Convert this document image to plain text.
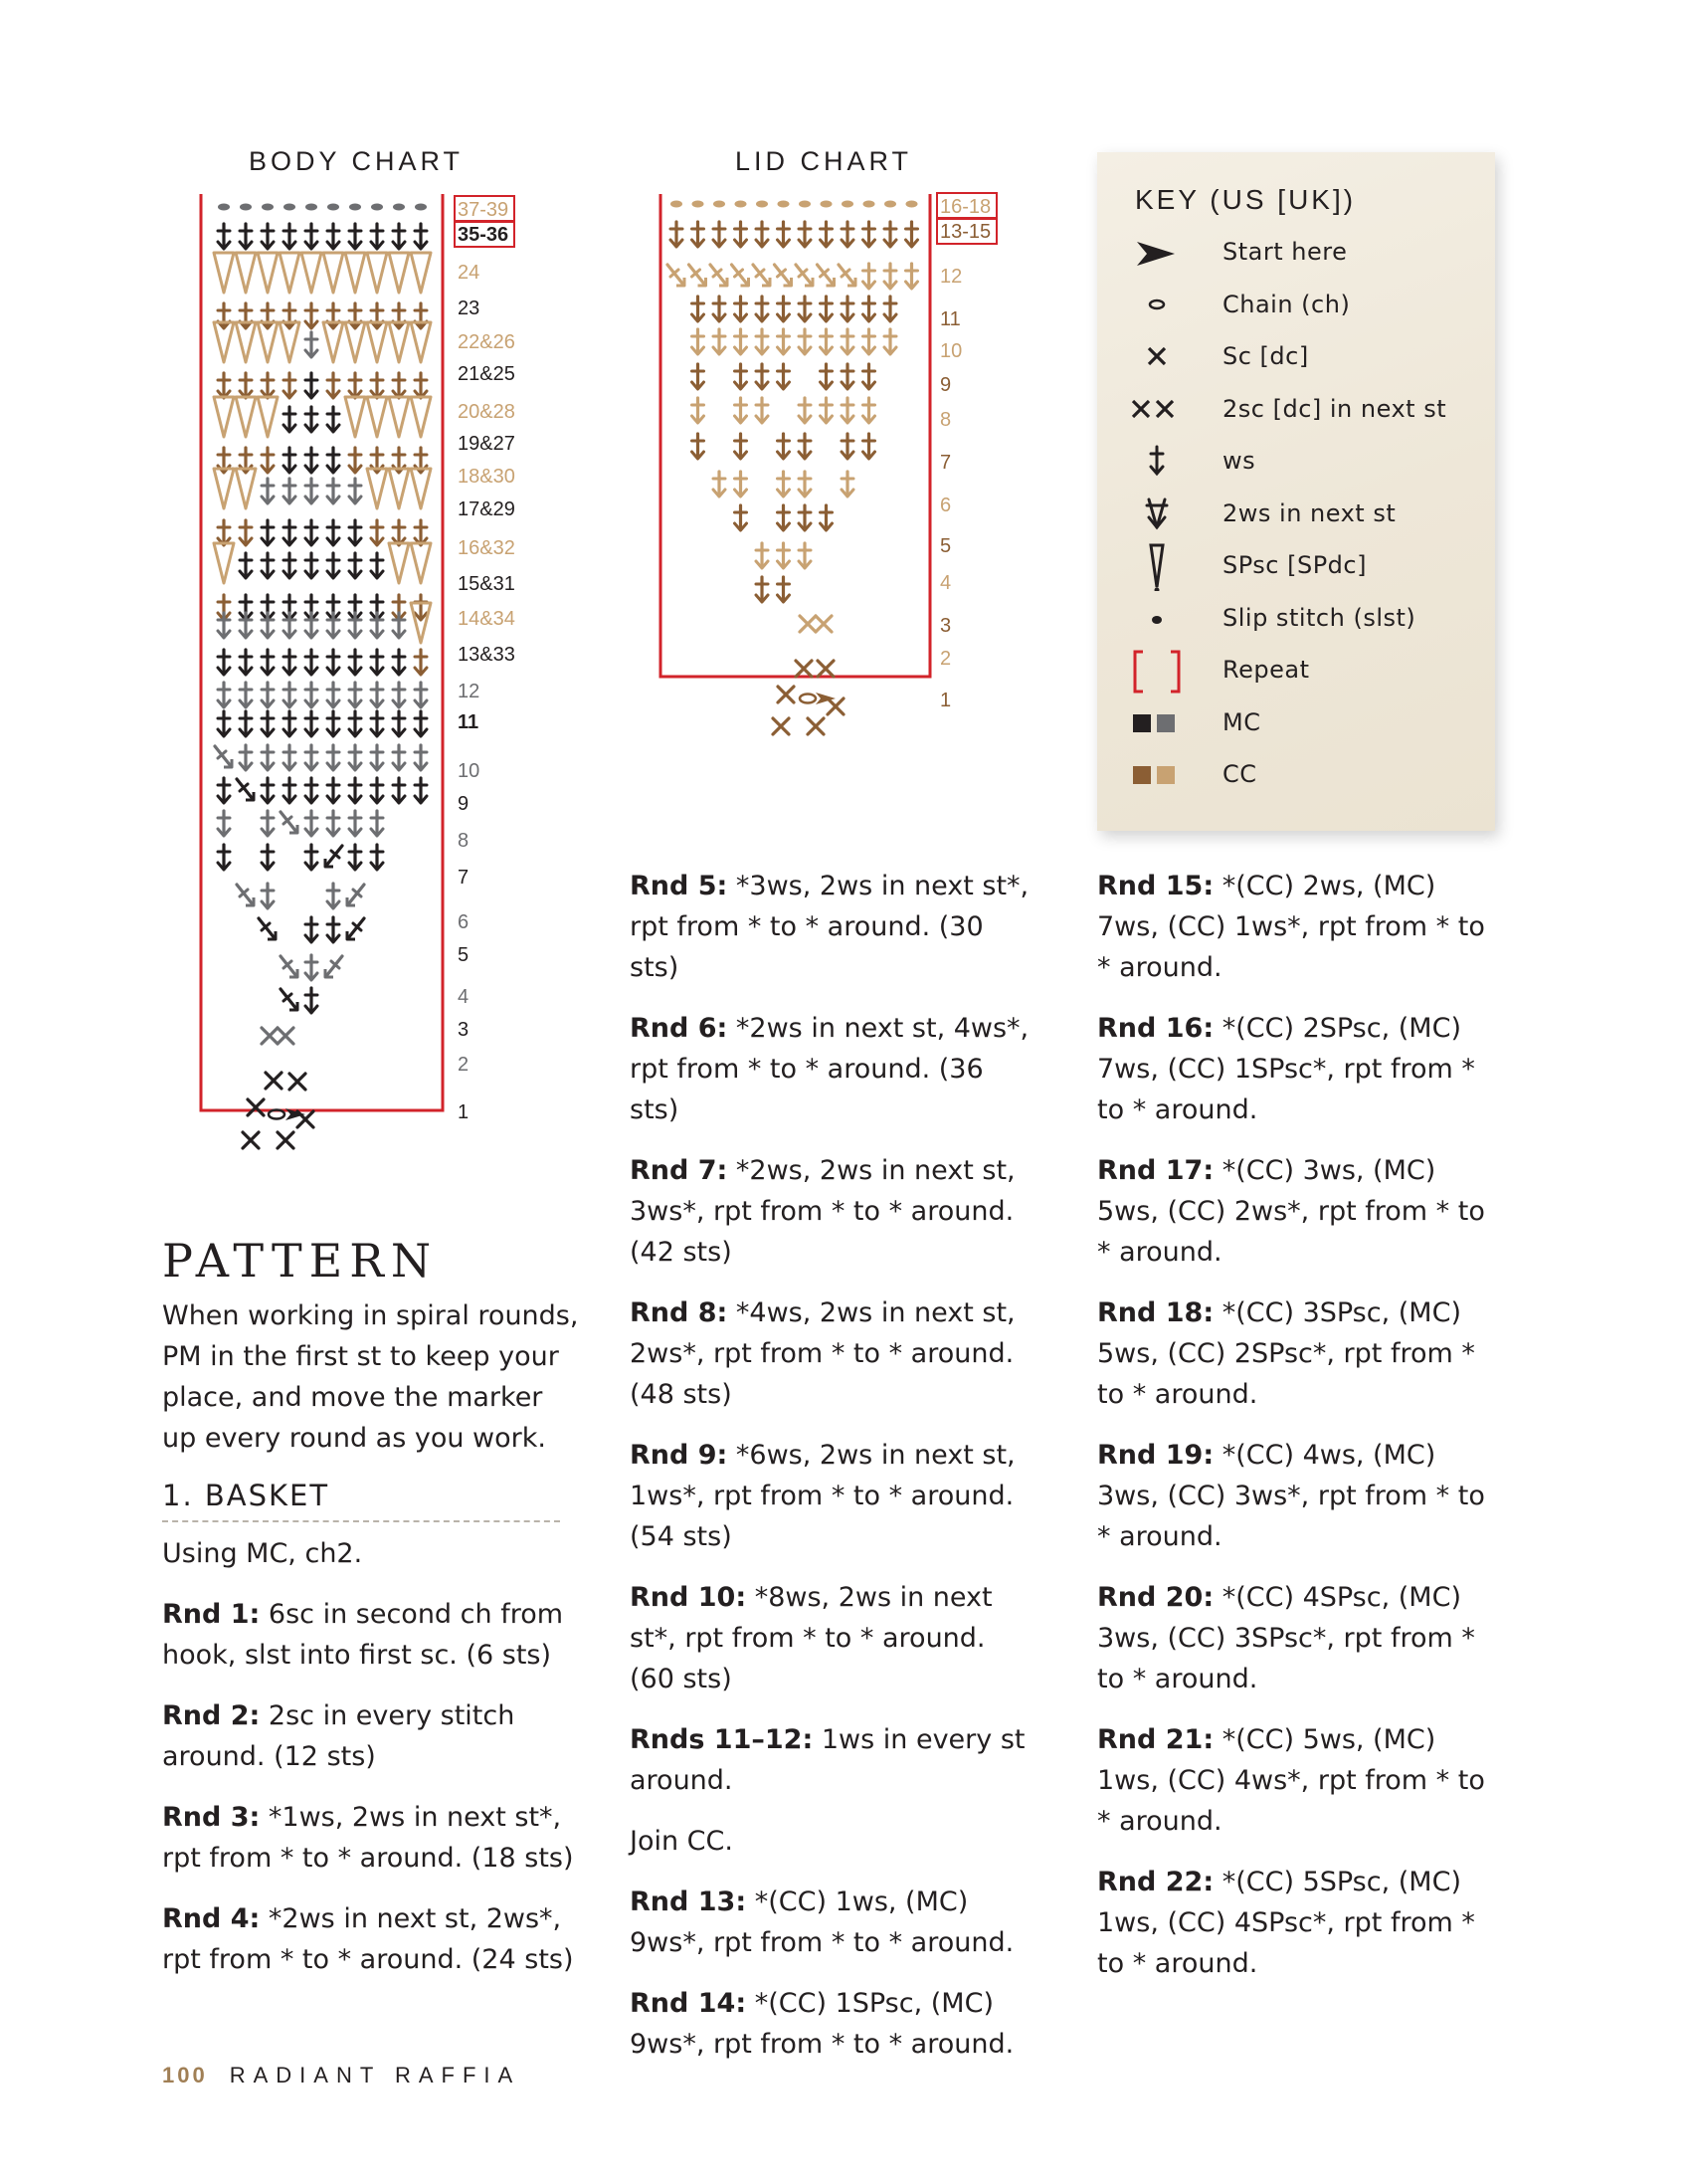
BODY CHART
37-39
35-36
24
23
22&26
21&25
20&28
19&27
18&30
17&29
16&32
15&31
14&34
13&33
12
11
10
9
8
7
6
5
4
3
2
1
LID CHART
16-18
13-15
12
11
10
9
8
7
6
5
4
3
2
1
KEY (US [UK])
Start here
Chain (ch)
Sc [dc]
2sc [dc] in next st
ws
2ws in next st
SPsc [SPdc]
Slip stitch (slst)
Repeat
MC
CC
PATTERN
When working in spiral rounds, PM in the first st to keep your place, and move the marker up every round as you work.
1. BASKET

Using MC, ch2.

Rnd 1: 6sc in second ch from hook, slst into first sc. (6 sts)

Rnd 2: 2sc in every stitch around. (12 sts)

Rnd 3: *1ws, 2ws in next st*, rpt from * to * around. (18 sts)

Rnd 4: *2ws in next st, 2ws*, rpt from * to * around. (24 sts)

Rnd 5: *3ws, 2ws in next st*, rpt from * to * around. (30 sts)

Rnd 6: *2ws in next st, 4ws*, rpt from * to * around. (36 sts)

Rnd 7: *2ws, 2ws in next st, 3ws*, rpt from * to * around. (42 sts)

Rnd 8: *4ws, 2ws in next st, 2ws*, rpt from * to * around. (48 sts)

Rnd 9: *6ws, 2ws in next st, 1ws*, rpt from * to * around. (54 sts)

Rnd 10: *8ws, 2ws in next st*, rpt from * to * around. (60 sts)

Rnds 11–12: 1ws in every st around.

Join CC.

Rnd 13: *(CC) 1ws, (MC) 9ws*, rpt from * to * around.

Rnd 14: *(CC) 1SPsc, (MC) 9ws*, rpt from * to * around.

Rnd 15: *(CC) 2ws, (MC) 7ws, (CC) 1ws*, rpt from * to * around.

Rnd 16: *(CC) 2SPsc, (MC) 7ws, (CC) 1SPsc*, rpt from * to * around.

Rnd 17: *(CC) 3ws, (MC) 5ws, (CC) 2ws*, rpt from * to * around.

Rnd 18: *(CC) 3SPsc, (MC) 5ws, (CC) 2SPsc*, rpt from * to * around.

Rnd 19: *(CC) 4ws, (MC) 3ws, (CC) 3ws*, rpt from * to * around.

Rnd 20: *(CC) 4SPsc, (MC) 3ws, (CC) 3SPsc*, rpt from * to * around.

Rnd 21: *(CC) 5ws, (MC) 1ws, (CC) 4ws*, rpt from * to * around.

Rnd 22: *(CC) 5SPsc, (MC) 1ws, (CC) 4SPsc*, rpt from * to * around.

100 RADIANT RAFFIA
